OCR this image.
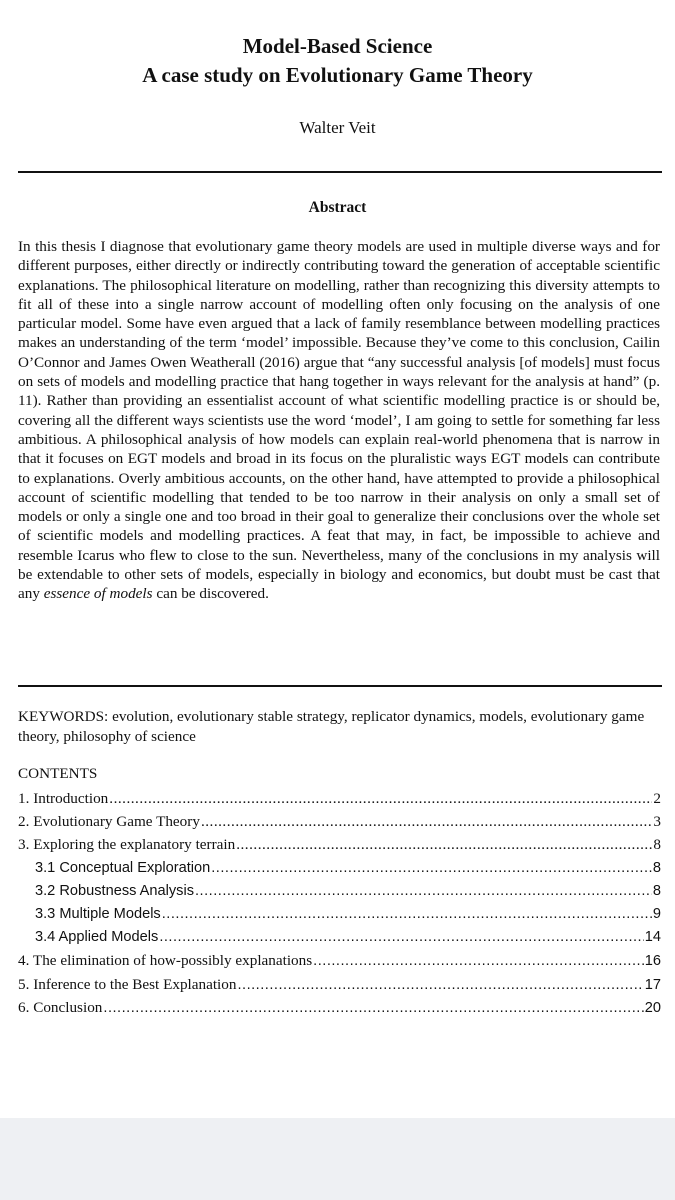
Model-Based Science
A case study on Evolutionary Game Theory
Walter Veit
Abstract
In this thesis I diagnose that evolutionary game theory models are used in multiple diverse ways and for different purposes, either directly or indirectly contributing toward the generation of acceptable scientific explanations. The philosophical literature on modelling, rather than recognizing this diversity attempts to fit all of these into a single narrow account of modelling often only focusing on the analysis of one particular model. Some have even argued that a lack of family resemblance between modelling practices makes an understanding of the term ‘model’ impossible. Because they’ve come to this conclusion, Cailin O’Connor and James Owen Weatherall (2016) argue that “any successful analysis [of models] must focus on sets of models and modelling practice that hang together in ways relevant for the analysis at hand” (p. 11). Rather than providing an essentialist account of what scientific modelling practice is or should be, covering all the different ways scientists use the word ‘model’, I am going to settle for something far less ambitious. A philosophical analysis of how models can explain real-world phenomena that is narrow in that it focuses on EGT models and broad in its focus on the pluralistic ways EGT models can contribute to explanations. Overly ambitious accounts, on the other hand, have attempted to provide a philosophical account of scientific modelling that tended to be too narrow in their analysis on only a small set of models or only a single one and too broad in their goal to generalize their conclusions over the whole set of scientific models and modelling practices. A feat that may, in fact, be impossible to achieve and resemble Icarus who flew to close to the sun. Nevertheless, many of the conclusions in my analysis will be extendable to other sets of models, especially in biology and economics, but doubt must be cast that any essence of models can be discovered.
KEYWORDS: evolution, evolutionary stable strategy, replicator dynamics, models, evolutionary game theory, philosophy of science
CONTENTS
1. Introduction .....	2
2. Evolutionary Game Theory .....	3
3. Exploring the explanatory terrain .....	8
3.1 Conceptual Exploration .....	8
3.2 Robustness Analysis .....	8
3.3 Multiple Models .....	9
3.4 Applied Models .....	14
4. The elimination of how-possibly explanations .....	16
5. Inference to the Best Explanation .....	17
6. Conclusion .....	20
